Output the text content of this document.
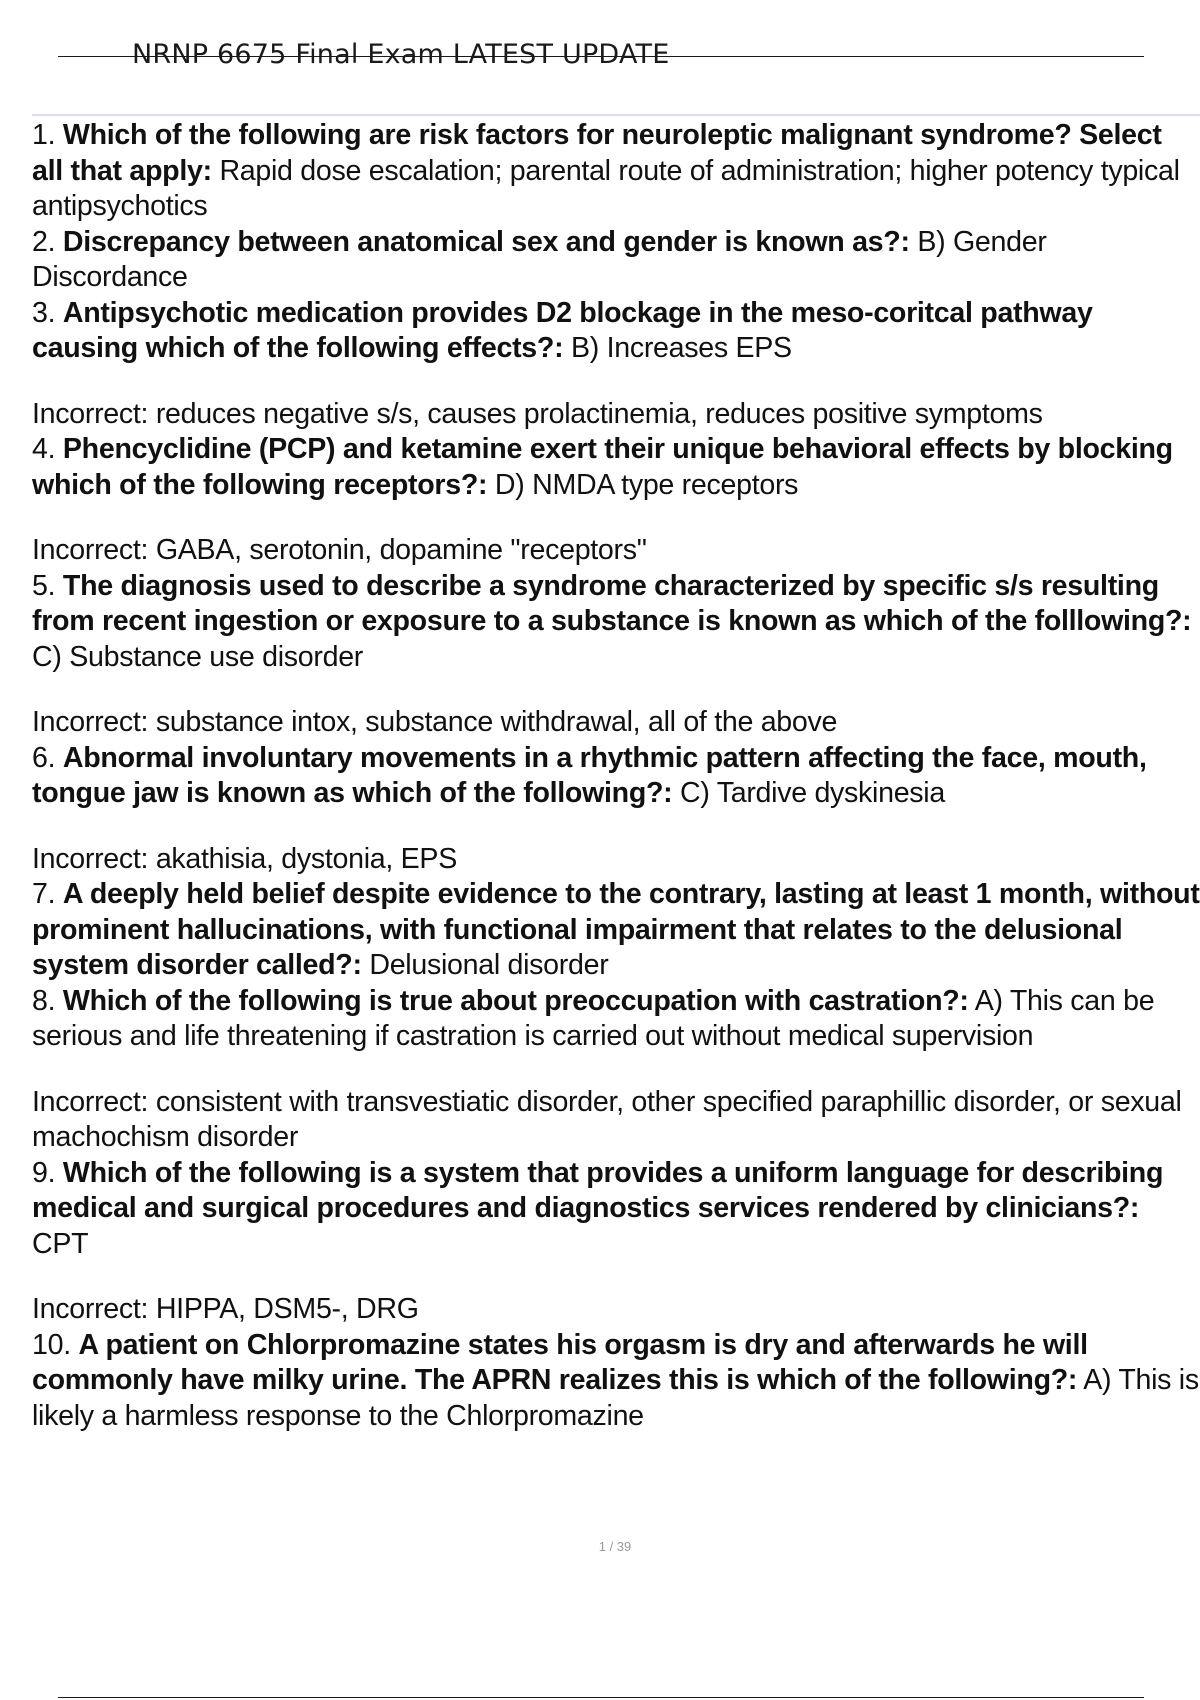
NRNP 6675 Final Exam LATEST UPDATE

1. Which of the following are risk factors for neuroleptic malignant syndrome? Select all that apply: Rapid dose escalation; parental route of administration; higher potency typical antipsychotics

2. Discrepancy between anatomical sex and gender is known as?: B) Gender Discordance

3. Antipsychotic medication provides D2 blockage in the meso-coritcal pathway causing which of the following effects?: B) Increases EPS

Incorrect: reduces negative s/s, causes prolactinemia, reduces positive symptoms

4. Phencyclidine (PCP) and ketamine exert their unique behavioral effects by blocking which of the following receptors?: D) NMDA type receptors

Incorrect: GABA, serotonin, dopamine "receptors"

5. The diagnosis used to describe a syndrome characterized by specific s/s resulting from recent ingestion or exposure to a substance is known as which of the folllowing?: C) Substance use disorder

Incorrect: substance intox, substance withdrawal, all of the above

6. Abnormal involuntary movements in a rhythmic pattern affecting the face, mouth, tongue jaw is known as which of the following?: C) Tardive dyskinesia

Incorrect: akathisia, dystonia, EPS

7. A deeply held belief despite evidence to the contrary, lasting at least 1 month, without prominent hallucinations, with functional impairment that relates to the delusional system disorder called?: Delusional disorder

8. Which of the following is true about preoccupation with castration?: A) This can be serious and life threatening if castration is carried out without medical supervision

Incorrect: consistent with transvestiatic disorder, other specified paraphillic disorder, or sexual machochism disorder

9. Which of the following is a system that provides a uniform language for describing medical and surgical procedures and diagnostics services rendered by clinicians?: CPT

Incorrect: HIPPA, DSM5-, DRG

10. A patient on Chlorpromazine states his orgasm is dry and afterwards he will commonly have milky urine. The APRN realizes this is which of the following?: A) This is likely a harmless response to the Chlorpromazine

1 / 39
